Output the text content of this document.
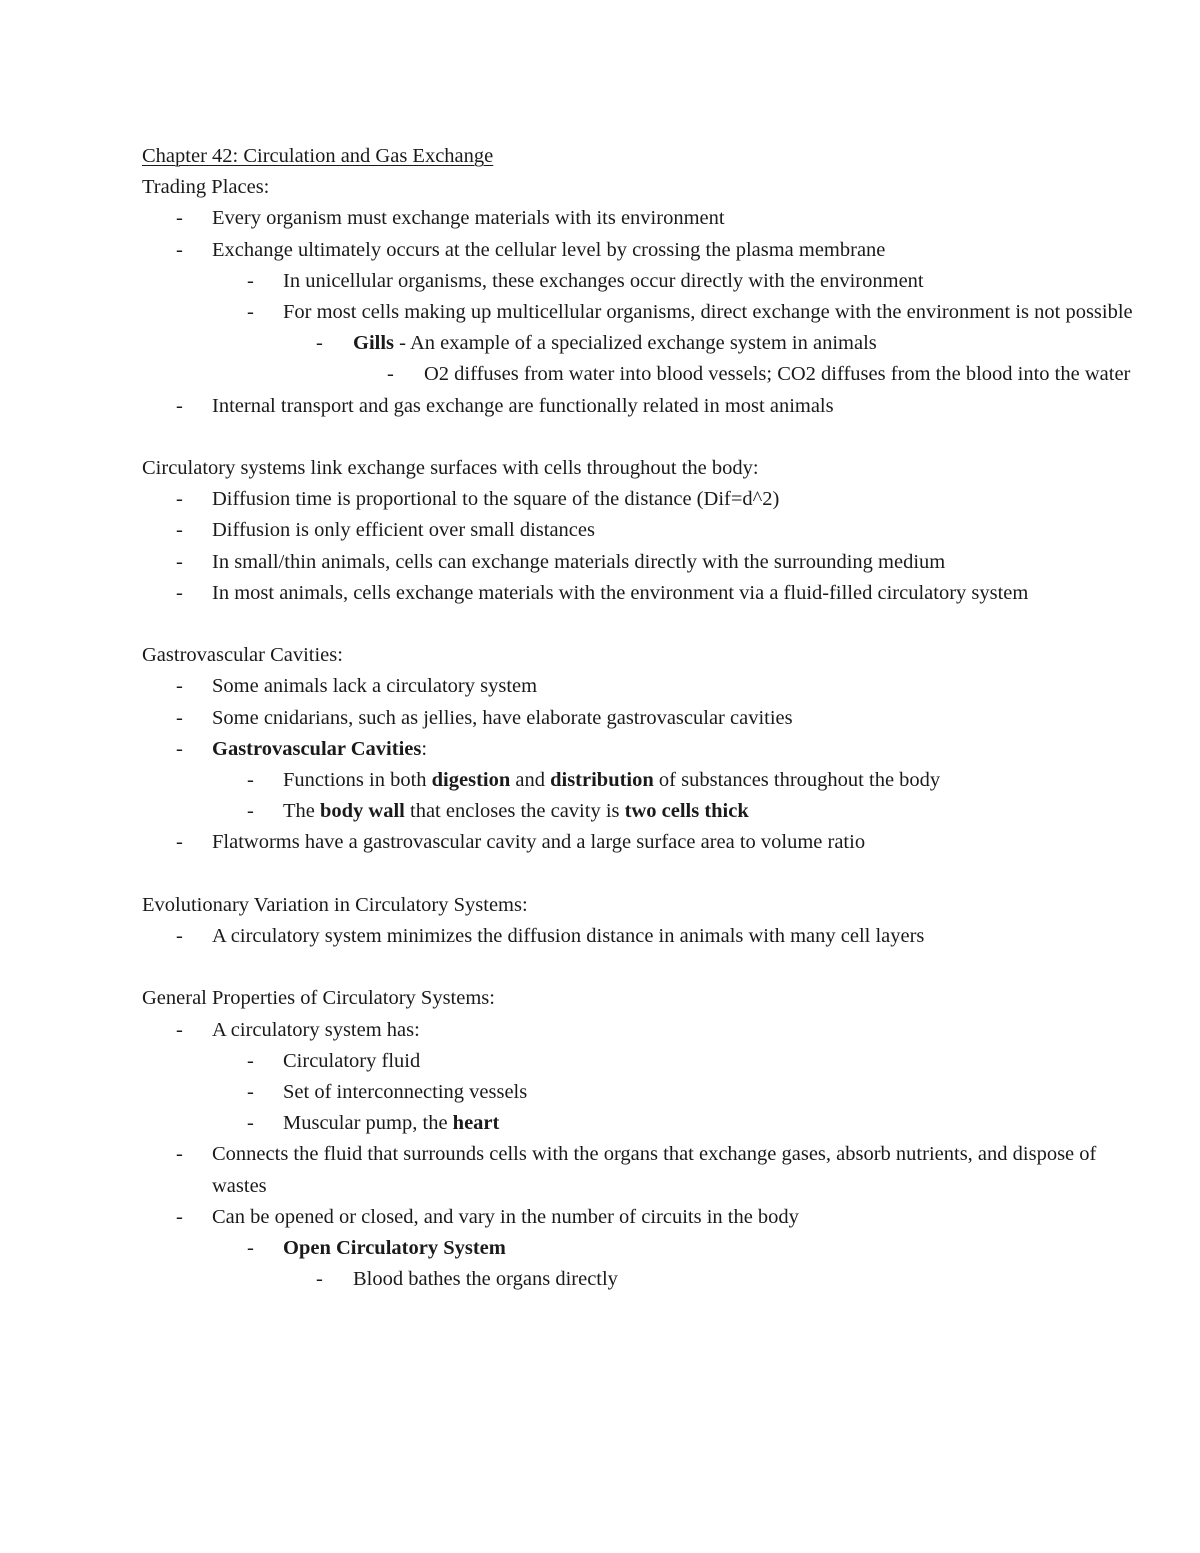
Chapter 42: Circulation and Gas Exchange
Trading Places:
- Every organism must exchange materials with its environment
- Exchange ultimately occurs at the cellular level by crossing the plasma membrane
- In unicellular organisms, these exchanges occur directly with the environment
- For most cells making up multicellular organisms, direct exchange with the environment is not possible
- Gills - An example of a specialized exchange system in animals
- O2 diffuses from water into blood vessels; CO2 diffuses from the blood into the water
- Internal transport and gas exchange are functionally related in most animals
Circulatory systems link exchange surfaces with cells throughout the body:
- Diffusion time is proportional to the square of the distance (Dif=d^2)
- Diffusion is only efficient over small distances
- In small/thin animals, cells can exchange materials directly with the surrounding medium
- In most animals, cells exchange materials with the environment via a fluid-filled circulatory system
Gastrovascular Cavities:
- Some animals lack a circulatory system
- Some cnidarians, such as jellies, have elaborate gastrovascular cavities
- Gastrovascular Cavities:
- Functions in both digestion and distribution of substances throughout the body
- The body wall that encloses the cavity is two cells thick
- Flatworms have a gastrovascular cavity and a large surface area to volume ratio
Evolutionary Variation in Circulatory Systems:
- A circulatory system minimizes the diffusion distance in animals with many cell layers
General Properties of Circulatory Systems:
- A circulatory system has:
- Circulatory fluid
- Set of interconnecting vessels
- Muscular pump, the heart
- Connects the fluid that surrounds cells with the organs that exchange gases, absorb nutrients, and dispose of wastes
- Can be opened or closed, and vary in the number of circuits in the body
- Open Circulatory System
- Blood bathes the organs directly
